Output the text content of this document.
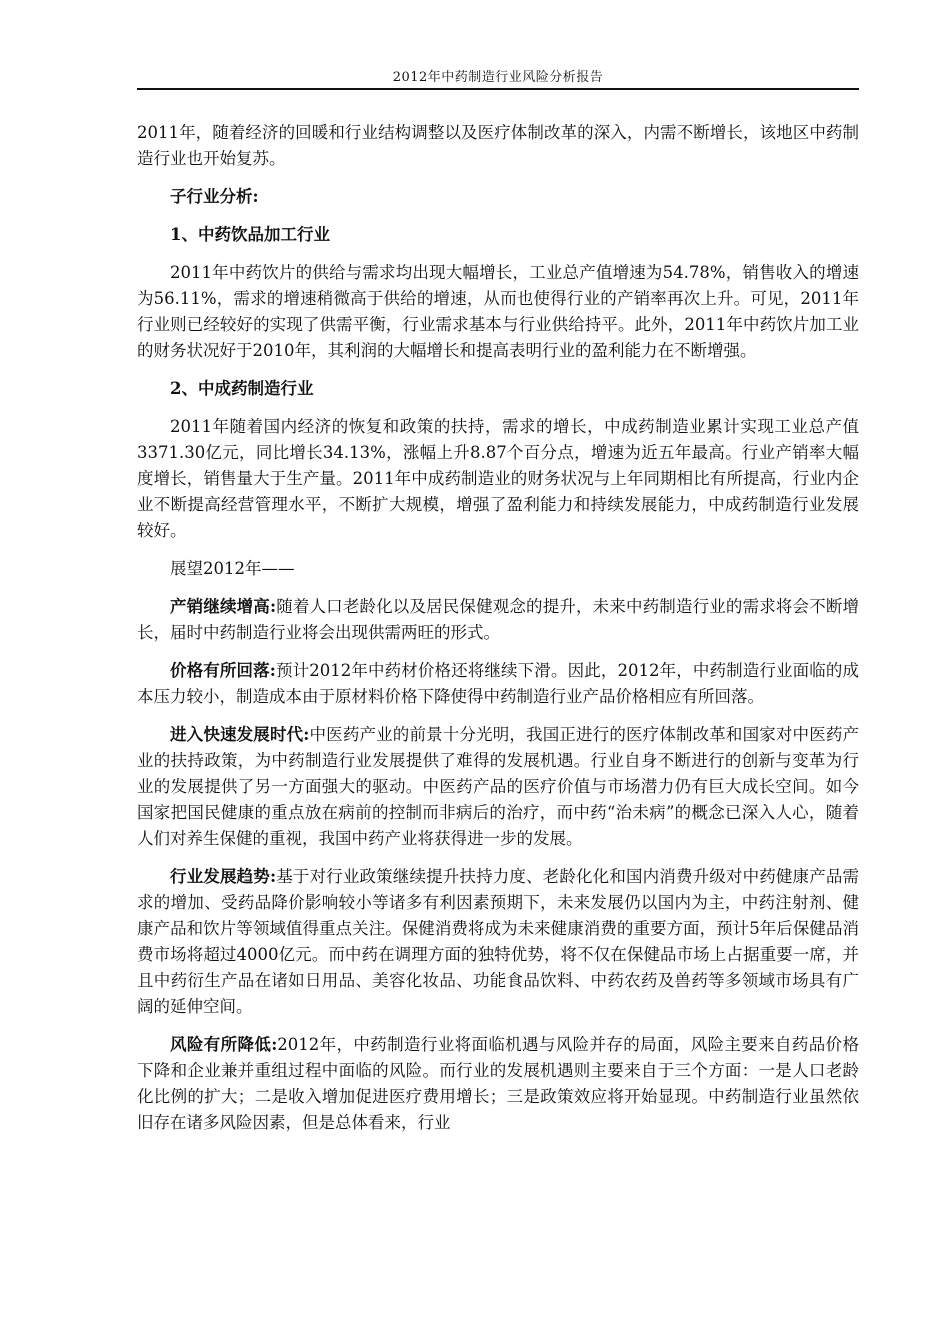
2012年中药制造行业风险分析报告

2011年，随着经济的回暖和行业结构调整以及医疗体制改革的深入，内需不断增长，该地区中药制造行业也开始复苏。

子行业分析:

1、中药饮品加工行业

2011年中药饮片的供给与需求均出现大幅增长，工业总产值增速为54.78%，销售收入的增速为56.11%，需求的增速稍微高于供给的增速，从而也使得行业的产销率再次上升。可见，2011年行业则已经较好的实现了供需平衡，行业需求基本与行业供给持平。此外，2011年中药饮片加工业的财务状况好于2010年，其利润的大幅增长和提高表明行业的盈利能力在不断增强。

2、中成药制造行业

2011年随着国内经济的恢复和政策的扶持，需求的增长，中成药制造业累计实现工业总产值3371.30亿元，同比增长34.13%，涨幅上升8.87个百分点，增速为近五年最高。行业产销率大幅度增长，销售量大于生产量。2011年中成药制造业的财务状况与上年同期相比有所提高，行业内企业不断提高经营管理水平，不断扩大规模，增强了盈利能力和持续发展能力，中成药制造行业发展较好。

展望2012年——

产销继续增高:随着人口老龄化以及居民保健观念的提升，未来中药制造行业的需求将会不断增长，届时中药制造行业将会出现供需两旺的形式。

价格有所回落:预计2012年中药材价格还将继续下滑。因此，2012年，中药制造行业面临的成本压力较小，制造成本由于原材料价格下降使得中药制造行业产品价格相应有所回落。

进入快速发展时代:中医药产业的前景十分光明，我国正进行的医疗体制改革和国家对中医药产业的扶持政策，为中药制造行业发展提供了难得的发展机遇。行业自身不断进行的创新与变革为行业的发展提供了另一方面强大的驱动。中医药产品的医疗价值与市场潜力仍有巨大成长空间。如今国家把国民健康的重点放在病前的控制而非病后的治疗，而中药“治未病”的概念已深入人心，随着人们对养生保健的重视，我国中药产业将获得进一步的发展。

行业发展趋势:基于对行业政策继续提升扶持力度、老龄化化和国内消费升级对中药健康产品需求的增加、受药品降价影响较小等诸多有利因素预期下，未来发展仍以国内为主，中药注射剂、健康产品和饮片等领域值得重点关注。保健消费将成为未来健康消费的重要方面，预计5年后保健品消费市场将超过4000亿元。而中药在调理方面的独特优势，将不仅在保健品市场上占据重要一席，并且中药衍生产品在诸如日用品、美容化妆品、功能食品饮料、中药农药及兽药等多领域市场具有广阔的延伸空间。

风险有所降低:2012年，中药制造行业将面临机遇与风险并存的局面，风险主要来自药品价格下降和企业兼并重组过程中面临的风险。而行业的发展机遇则主要来自于三个方面：一是人口老龄化比例的扩大；二是收入增加促进医疗费用增长；三是政策效应将开始显现。中药制造行业虽然依旧存在诸多风险因素，但是总体看来，行业
